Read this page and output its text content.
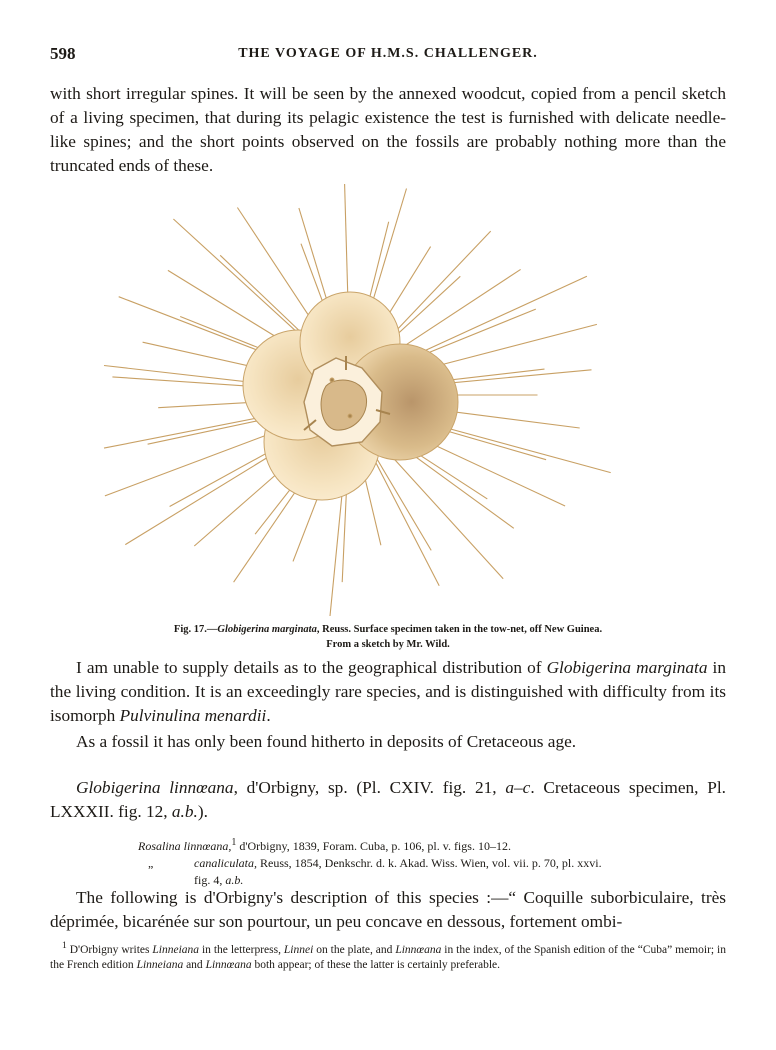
598	THE VOYAGE OF H.M.S. CHALLENGER.
with short irregular spines. It will be seen by the annexed woodcut, copied from a pencil sketch of a living specimen, that during its pelagic existence the test is furnished with delicate needle-like spines; and the short points observed on the fossils are probably nothing more than the truncated ends of these.
Fig. 17.—Globigerina marginata, Reuss. Surface specimen taken in the tow-net, off New Guinea.
From a sketch by Mr. Wild.
I am unable to supply details as to the geographical distribution of Globigerina marginata in the living condition. It is an exceedingly rare species, and is distinguished with difficulty from its isomorph Pulvinulina menardii.
As a fossil it has only been found hitherto in deposits of Cretaceous age.
Globigerina linnœana, d'Orbigny, sp. (Pl. CXIV. fig. 21, a–c. Cretaceous specimen, Pl. LXXXII. fig. 12, a.b.).
Rosalina linnœana,$^1$ d'Orbigny, 1839, Foram. Cuba, p. 106, pl. v. figs. 10–12.
„	canaliculata, Reuss, 1854, Denkschr. d. k. Akad. Wiss. Wien, vol. vii. p. 70, pl. xxvi.
fig. 4, a.b.
The following is d'Orbigny's description of this species :—“ Coquille suborbiculaire, très déprimée, bicarénée sur son pourtour, un peu concave en dessous, fortement ombi-
$^1$ D'Orbigny writes Linneiana in the letterpress, Linnei on the plate, and Linnœana in the index, of the Spanish edition of the “Cuba” memoir; in the French edition Linneiana and Linnœana both appear; of these the latter is certainly preferable.
